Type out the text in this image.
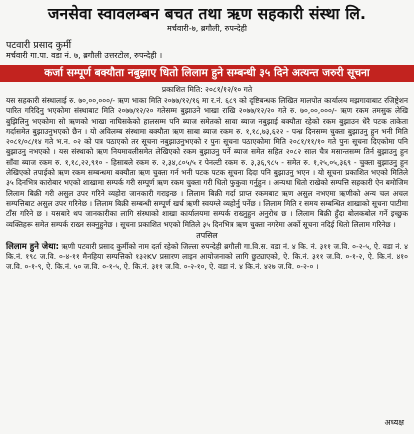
जनसेवा स्वावलम्बन बचत तथा ऋण सहकारी संस्था लि.
मर्चवारी-७, ब्रगौली, रुपन्देही
पटवारी प्रसाद कुर्मी
मर्चवारी गा.पा. वडा नं. ७, ब्रगौली उत्तरटोल, रुपन्देही ।
कर्जा सम्पूर्ण बक्यौता नबुझाए धितो लिलाम हुने सम्बन्धी ३५ दिने अत्यन्त जरुरी सूचना
प्रकाशित मिति: २०८१/१२/१० गते
यस सहकारी संस्थालाई रु. ७०,००,०००/- ऋण भाका मिति २०७७/१२/१६ मा र.नं. ६८९ को दृष्टिबन्धक लिखित मालपोत कार्यालय मझगावाबाट रजिष्ट्रेशन पारित गरिदिनु भएकोमा संस्थाबाट मिति २०७७/१२/२० गतेसम्म बुझाउने भाखा राखि २०७७/१२/२० गते रु. ७०,००,०००/- ऋण रकम तमसुक लेखि बुझिलिनु भएकोमा सो ऋणको भाखा नाघिसकेको हालसम्म पनि ब्याज समेतको सावा ब्याज नबुझाई बक्यौता रहेको रकम बुझाउन धेरै पटक ताकेता गर्दासमेत बुझाउनुभएको छैन । यो अविलम्ब संस्थामा बक्यौता ऋण साबा ब्याज रकम रु. १,१८,७३,६२२ - पन्ध्र दिनसम्म चुक्ता बुझाउनु हुन भनी मिति २०८१/०८/१४ गते भ.न. ०२ को पत्र पठाएको तर सूचना नबुझाउनुभएको र पुनः सूचना पठाएकोमा मिति २०८१/११/१० गते पुनः सूचना दिएकोमा पनि बुझाउनु नभएको । यस संस्थाको ऋण नियमावलीसमेत लेखिएको रकम बुझाउनु पर्ने ब्याज समेत सहित २०८२ साल चैत्र मसान्तसम्म तिर्न बुझाउनु हुन साँवा ब्याज रकम रु. १,१८,२२,९१० - हिसाबले रकम रु. २,३४,८०५/५ र पेनल्टी रकम रु. ३,३६,९८५ - समेत रु. १,२५,०५,३६९ - चुक्ता बुझाउनु हुन लेखिएको तपाईको ऋण रकम सम्बन्धमा बक्यौता ऋण चुक्ता गर्न भनी पटक पटक सूचना दिदा पनि बुझाउनु भएन । यो सूचना प्रकाशित भएको मितिले ३५ दिनभित्र कारोबार भएको शाखामा सम्पर्क गरी सम्पूर्ण ऋण रकम चुक्ता गरी धितो फुकुवा गर्नुहुन । अन्यथा धितो राखेको सम्पत्ति सहकारी ऐन बमोजिम लिलाम बिक्री गरी असुल उपर गरिने व्यहोरा जानकारी गराइन्छ । लिलाम बिक्री गर्दा प्राप्त रकमबाट ऋण असुल नभएमा ऋणीको अन्य चल अचल सम्पत्तिबाट असुल उपर गरिनेछ । लिलाम बिक्री सम्बन्धी सम्पूर्ण खर्च ऋणी स्वयम्ले व्यहोर्नु पर्नेछ । लिलाम मिति र समय सम्बन्धित शाखाको सूचना पाटीमा टाँस गरिने छ । यसबारे थप जानकारीका लागि संस्थाको शाखा कार्यालयमा सम्पर्क राख्नुहुन अनुरोध छ । लिलाम बिक्री हुँदा बोलकबोल गर्ने इच्छुक व्यक्तिहरू समेत सम्पर्क राख्न सक्नुहुनेछ । सूचना प्रकाशित भएको मितिले ३५ दिनभित्र ऋण चुक्ता नगरेमा अर्को सूचना नदिई धितो लिलाम गरिनेछ ।
तपसिल
लिलाम हुने जेथा: ऋणी पटवारी प्रसाद कुर्मीको नाम दर्ता रहेको जिल्ला रुपन्देही ब्रगौली गा.वि.स. वडा नं. ४ कि. नं. ३११ ज.वि. ०-२-५, ऐ. वडा नं. ४ कि.नं. १९८ ज.वि. ०-४-११ मैनहिया सम्पत्तिको १३२KV प्रसारण लाइन आयोजनाको लागि छुट्याएको, ऐ. कि.नं. ३११ ज.वि. ०-१-२, ऐ. कि.नं. ४१० ज.वि. ०-१-९, ऐ. कि.नं. ५० ज.वि. ०-१-५, ऐ. कि.नं. ३११ ज.वि. ०-२-१०, ऐ. वडा नं. ४ कि.नं. ४२७ ज.वि. ०-२-० ।
अध्यक्ष
